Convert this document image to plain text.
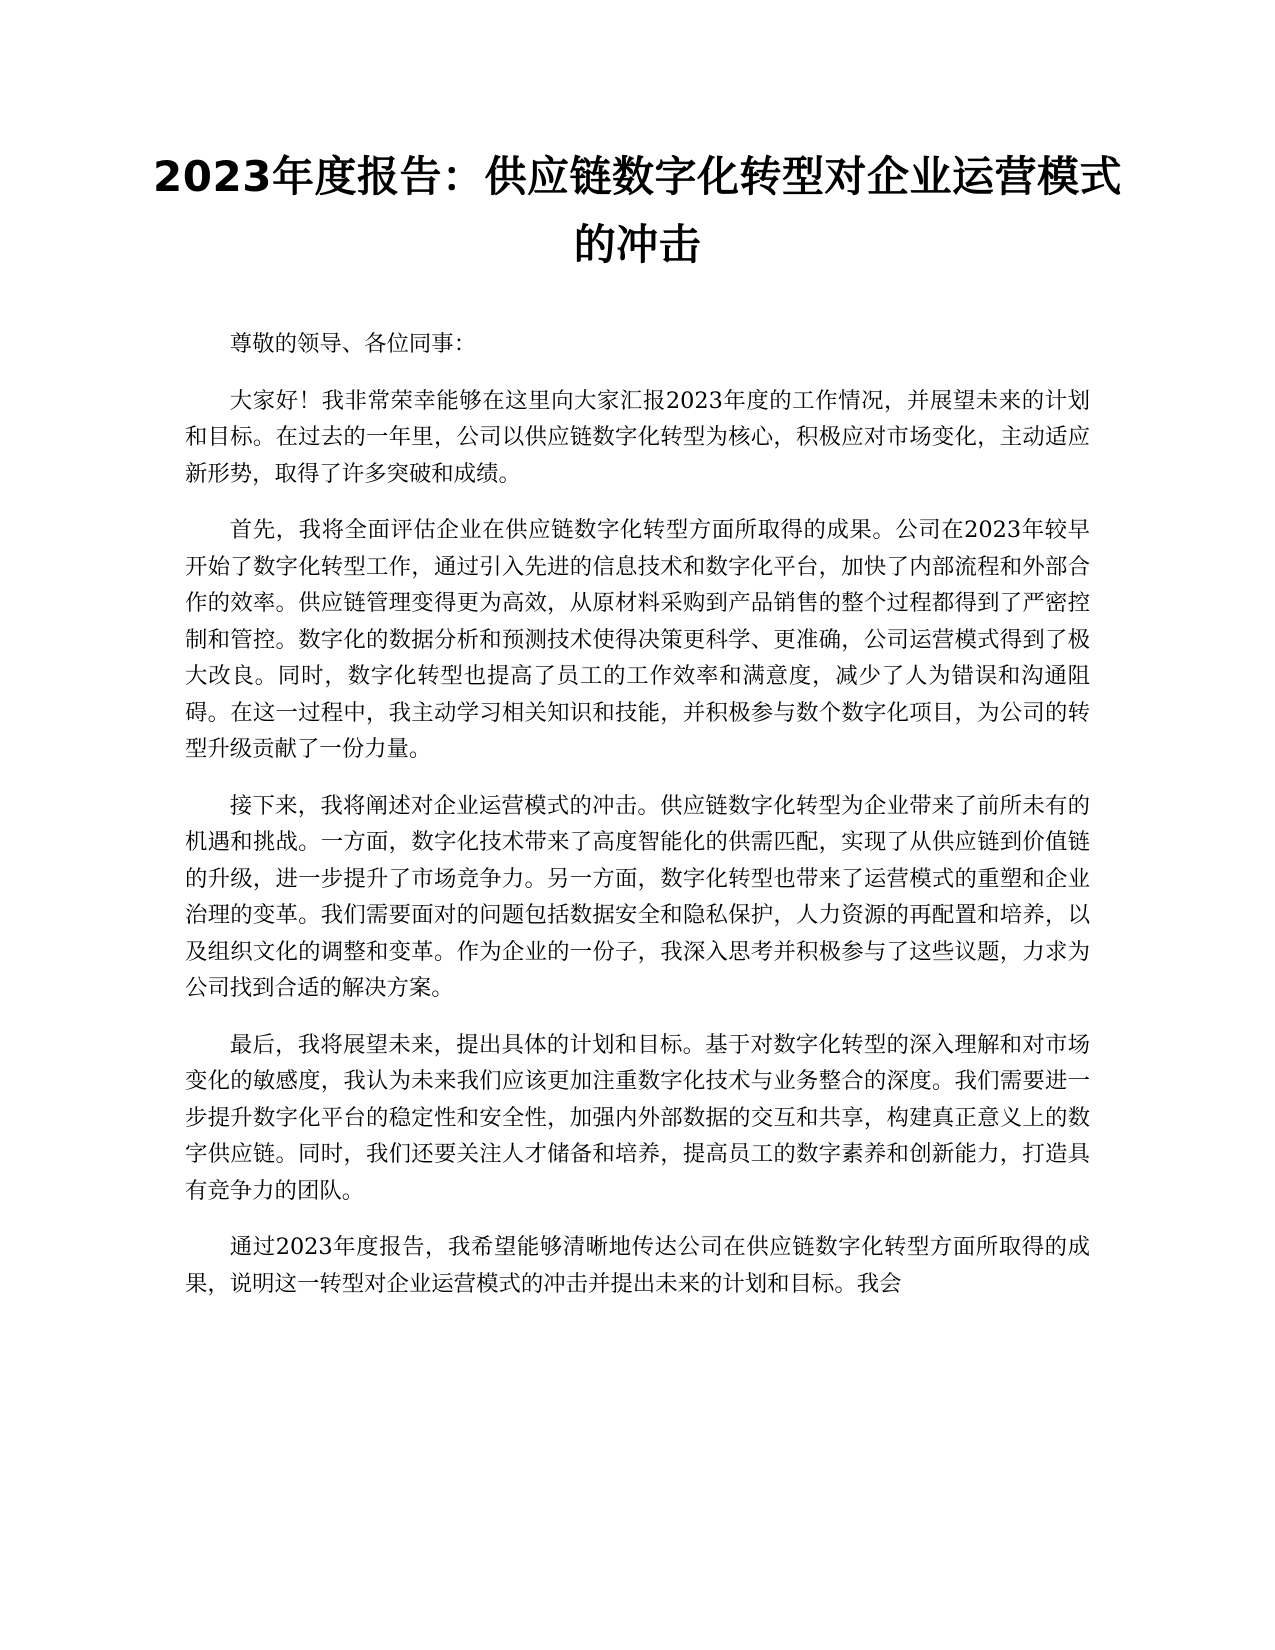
2023年度报告：供应链数字化转型对企业运营模式的冲击

尊敬的领导、各位同事：

大家好！我非常荣幸能够在这里向大家汇报2023年度的工作情况，并展望未来的计划和目标。在过去的一年里，公司以供应链数字化转型为核心，积极应对市场变化，主动适应新形势，取得了许多突破和成绩。

首先，我将全面评估企业在供应链数字化转型方面所取得的成果。公司在2023年较早开始了数字化转型工作，通过引入先进的信息技术和数字化平台，加快了内部流程和外部合作的效率。供应链管理变得更为高效，从原材料采购到产品销售的整个过程都得到了严密控制和管控。数字化的数据分析和预测技术使得决策更科学、更准确，公司运营模式得到了极大改良。同时，数字化转型也提高了员工的工作效率和满意度，减少了人为错误和沟通阻碍。在这一过程中，我主动学习相关知识和技能，并积极参与数个数字化项目，为公司的转型升级贡献了一份力量。

接下来，我将阐述对企业运营模式的冲击。供应链数字化转型为企业带来了前所未有的机遇和挑战。一方面，数字化技术带来了高度智能化的供需匹配，实现了从供应链到价值链的升级，进一步提升了市场竞争力。另一方面，数字化转型也带来了运营模式的重塑和企业治理的变革。我们需要面对的问题包括数据安全和隐私保护，人力资源的再配置和培养，以及组织文化的调整和变革。作为企业的一份子，我深入思考并积极参与了这些议题，力求为公司找到合适的解决方案。

最后，我将展望未来，提出具体的计划和目标。基于对数字化转型的深入理解和对市场变化的敏感度，我认为未来我们应该更加注重数字化技术与业务整合的深度。我们需要进一步提升数字化平台的稳定性和安全性，加强内外部数据的交互和共享，构建真正意义上的数字供应链。同时，我们还要关注人才储备和培养，提高员工的数字素养和创新能力，打造具有竞争力的团队。

通过2023年度报告，我希望能够清晰地传达公司在供应链数字化转型方面所取得的成果，说明这一转型对企业运营模式的冲击并提出未来的计划和目标。我会
